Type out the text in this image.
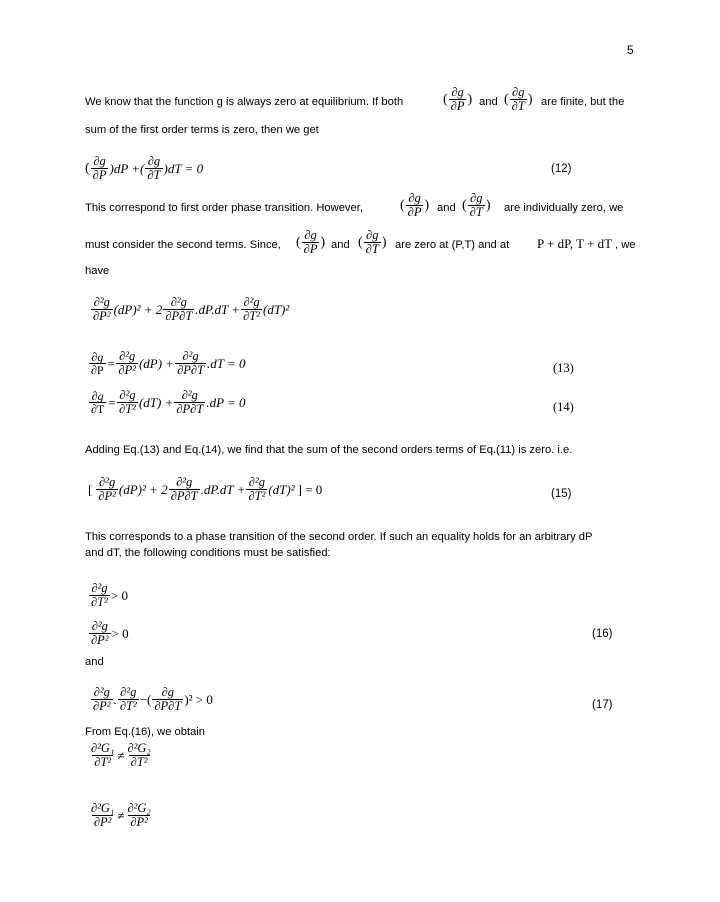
5
We know that the function g is always zero at equilibrium. If both	( $\frac{\partial g}{\partial P}$ ) and ( $\frac{\partial g}{\partial T}$ ) are finite, but the
sum of the first order terms is zero, then we get
( $\frac{\partial g}{\partial P} )dP$ +( $\frac{\partial g}{\partial T} )dT = 0$	(12)
This correspond to first order phase transition. However,	( $\frac{\partial g}{\partial P}$ ) and ( $\frac{\partial g}{\partial T}$ ) are individually zero, we
must consider the second terms. Since, ( $\frac{\partial g}{\partial P}$ ) and ( $\frac{\partial g}{\partial T}$ ) are zero at (P,T) and at P + dP, T + dT , we
have
$\frac{\text{∂²g}}{\text{∂P²}} (dP)^2 + 2 \frac{\text{∂²g}}{\partial P\partial T} .dP.dT + \frac{\text{∂²g}}{\text{∂T²}} (dT)^2$
$\frac{\partial g}{\partial P} = \frac{\text{∂²g}}{\text{∂P²}} (dP) + \frac{\text{∂²g}}{\partial P\partial T} .dT = 0$	(13)
$\frac{\partial g}{\partial T} = \frac{\text{∂²g}}{\text{∂T²}} (dT) + \frac{\text{∂²g}}{\partial P\partial T} .dP = 0$	(14)
Adding Eq.(13) and Eq.(14), we find that the sum of the second orders terms of Eq.(11) is zero. i.e.
[ $\frac{\text{∂²g}}{\text{∂P²}} (dP)^2 + 2 \frac{\text{∂²g}}{\partial P\partial T} .dP.dT + \frac{\text{∂²g}}{\text{∂T²}} (dT)^2$ ] = 0	(15)
This corresponds to a phase transition of the second order. If such an equality holds for an arbitrary dP
and dT, the following conditions must be satisfied:
$\frac{\text{∂²g}}{\text{∂T²}} > 0$
$\frac{\text{∂²g}}{\text{∂P²}} > 0$	(16)
and
$\frac{\text{∂²g}}{\text{∂P²}}$ . $\frac{\text{∂²g}}{\text{∂T²}}$ −( $\frac{\partial g}{\partial P\partial T} )^2 > 0$	(17)
From Eq.(16), we obtain
$\frac{\text{∂²G₁}}{\text{∂T²}} \ne \frac{\text{∂²G₂}}{\text{∂T²}}$
$\frac{\text{∂²G₁}}{\text{∂P²}} \ne \frac{\text{∂²G₂}}{\text{∂P²}}$
